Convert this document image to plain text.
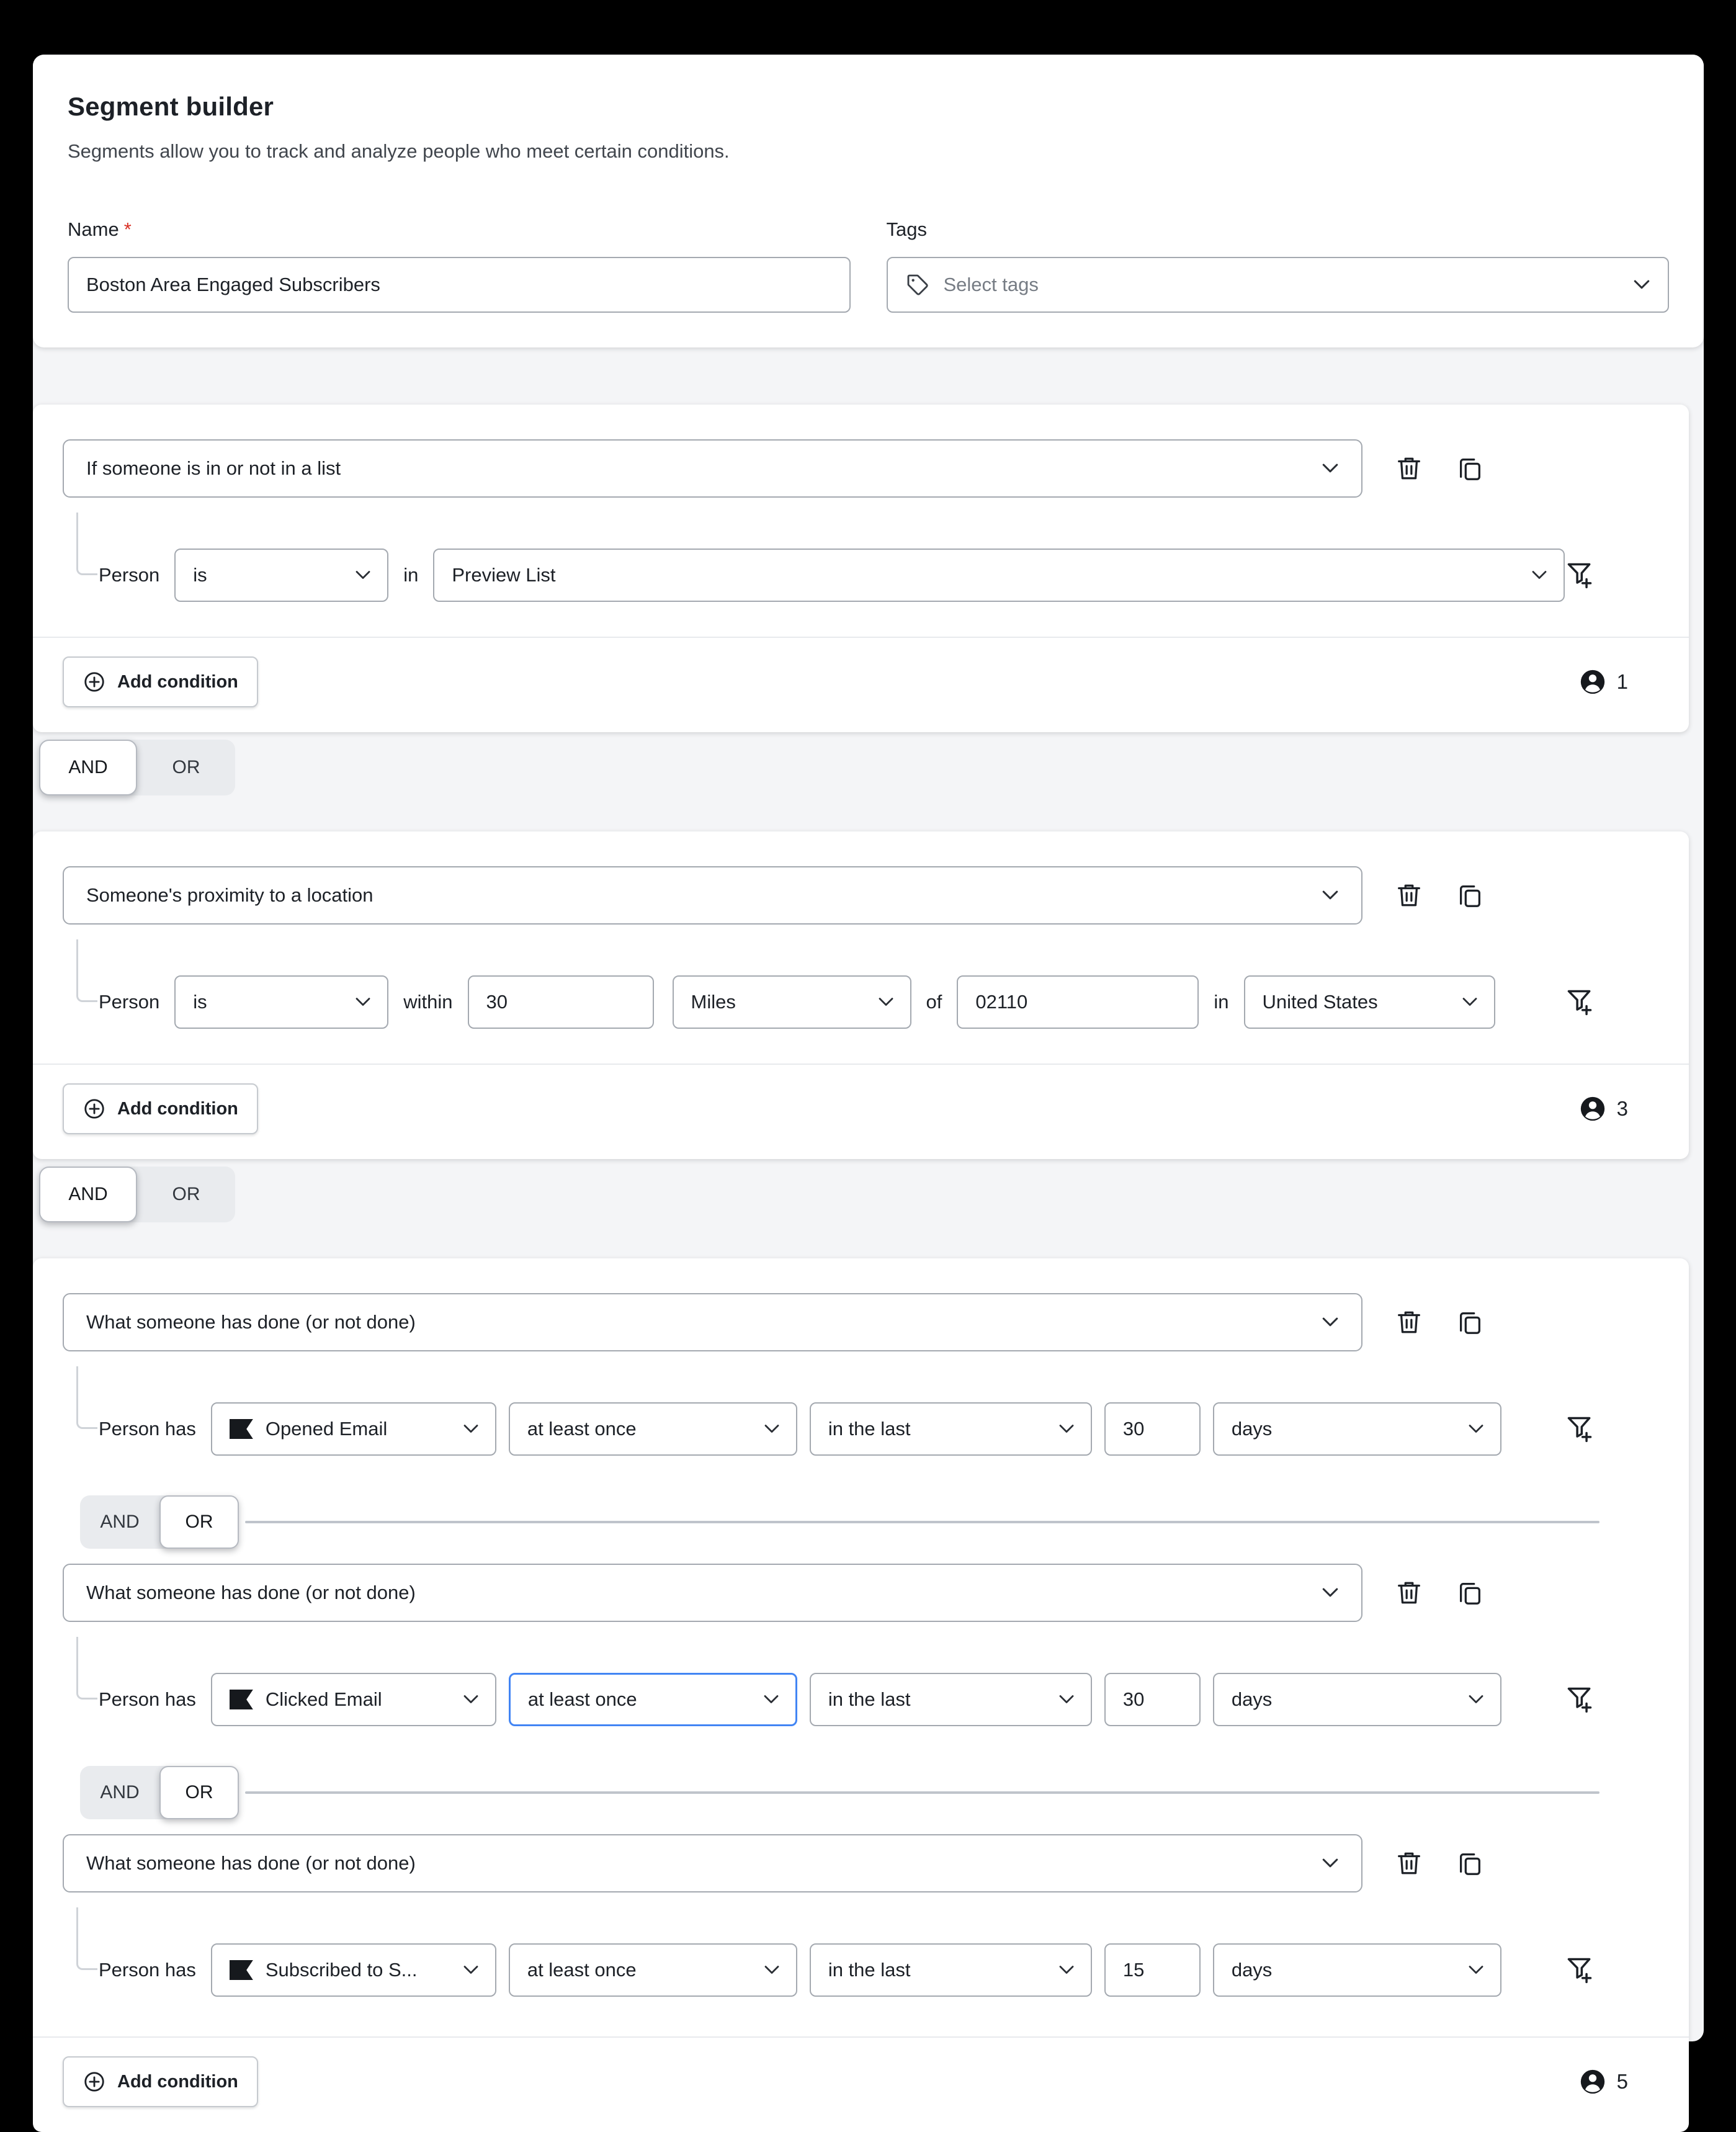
Segment builder

Segments allow you to track and analyze people who meet certain conditions.

Name *
Boston Area Engaged Subscribers
Tags
Select tags
If someone is in or not in a list
Person is	in Preview List
Add condition	1
AND	OR
Someone's proximity to a location
Person is	within 30	Miles	of 02110	in United States
Add condition	3
AND	OR
What someone has done (or not done)
Person has	Opened Email	at least once	in the last	30	days
AND	OR
What someone has done (or not done)
Person has	Clicked Email	at least once	in the last	30	days
AND	OR
What someone has done (or not done)
Person has	Subscribed to S...	at least once	in the last	15	days
Add condition	5
